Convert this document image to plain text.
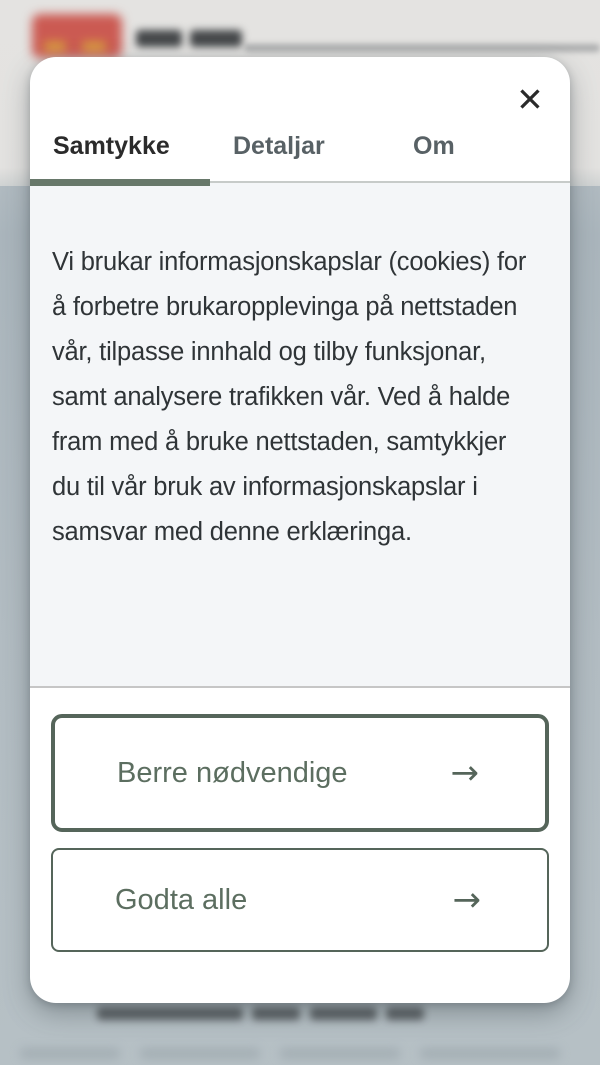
✕
Samtykke	Detaljar	Om
Vi brukar informasjonskapslar (cookies) for å forbetre brukaropplevinga på nettstaden vår, tilpasse innhald og tilby funksjonar, samt analysere trafikken vår. Ved å halde fram med å bruke nettstaden, samtykkjer du til vår bruk av informasjonskapslar i samsvar med denne erklæringa.
Berre nødvendige	→
Godta alle	→
